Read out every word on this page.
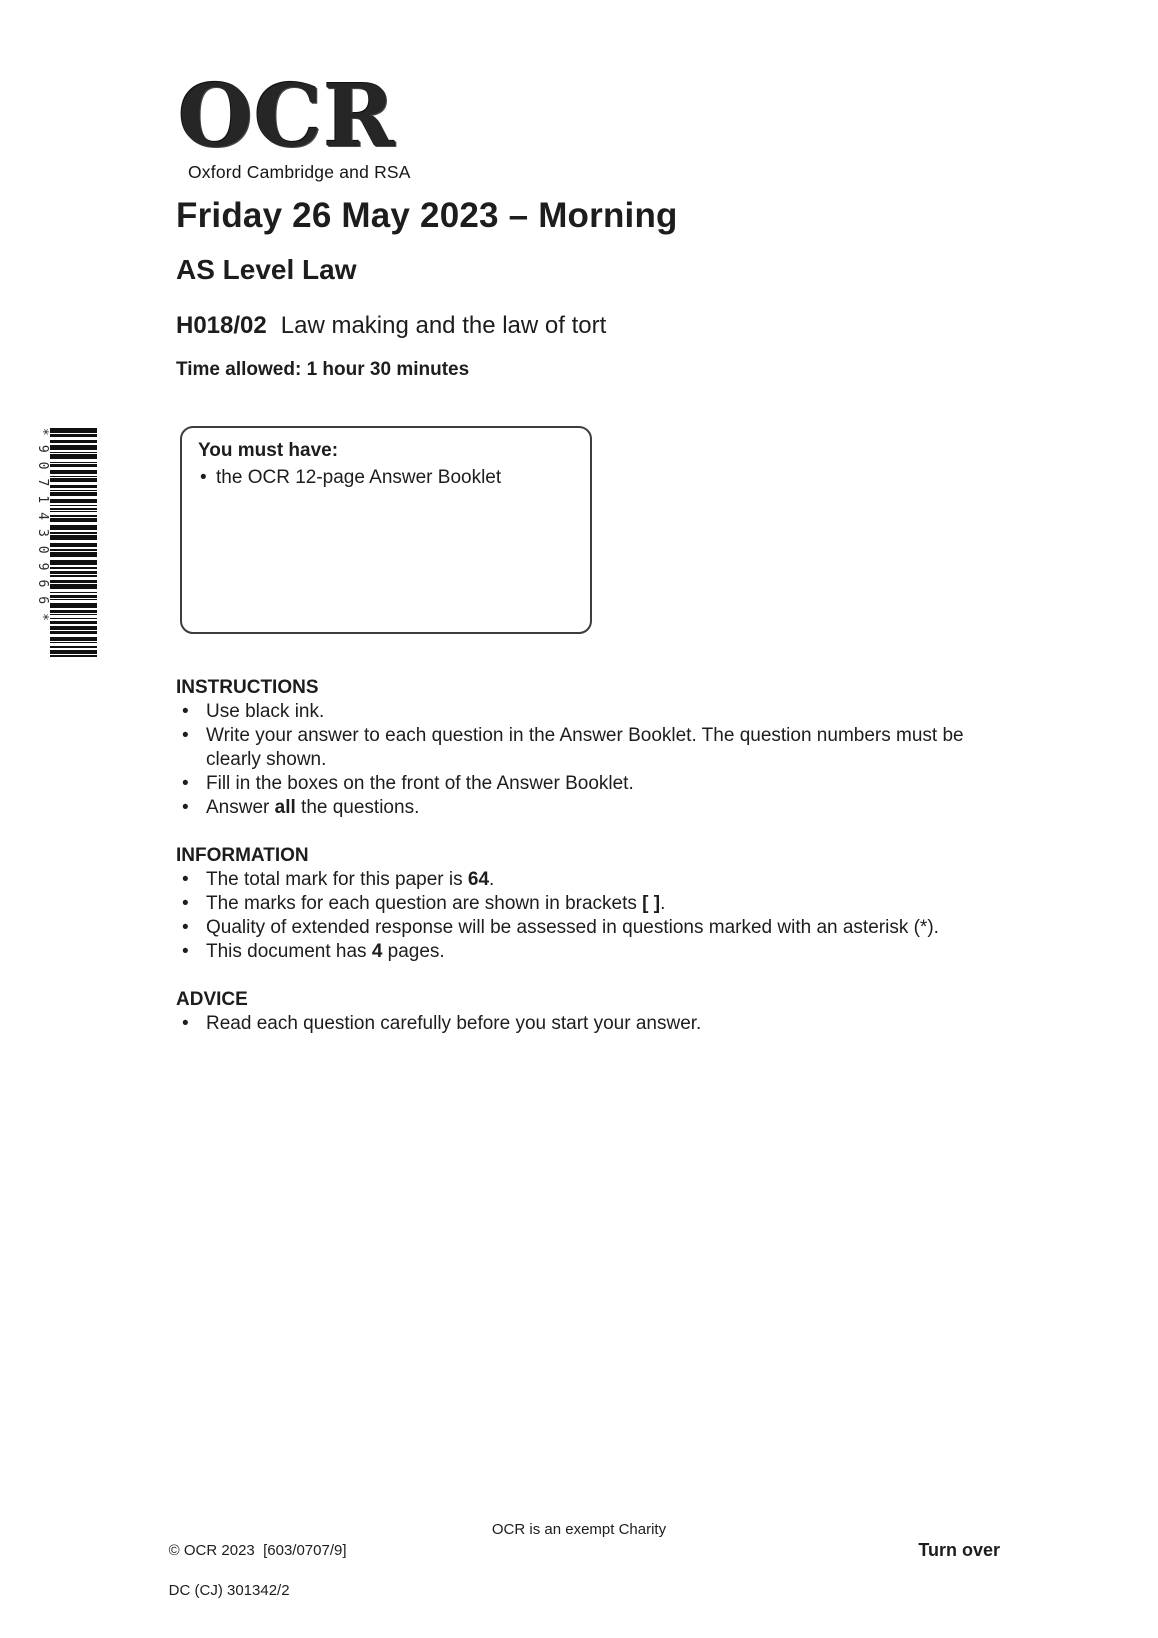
OCR
Oxford Cambridge and RSA
Friday 26 May 2023 – Morning
AS Level Law
H018/02 Law making and the law of tort
Time allowed: 1 hour 30 minutes
*9071430966*	You must have:
• the OCR 12-page Answer Booklet
INSTRUCTIONS
• Use black ink.
• Write your answer to each question in the Answer Booklet. The question numbers must be clearly shown.
• Fill in the boxes on the front of the Answer Booklet.
• Answer all the questions.
INFORMATION
• The total mark for this paper is 64.
• The marks for each question are shown in brackets [ ].
• Quality of extended response will be assessed in questions marked with an asterisk (*).
• This document has 4 pages.
ADVICE
• Read each question carefully before you start your answer.

© OCR 2023  [603/0707/9]

DC (CJ) 301342/2

OCR is an exempt Charity
Turn over
